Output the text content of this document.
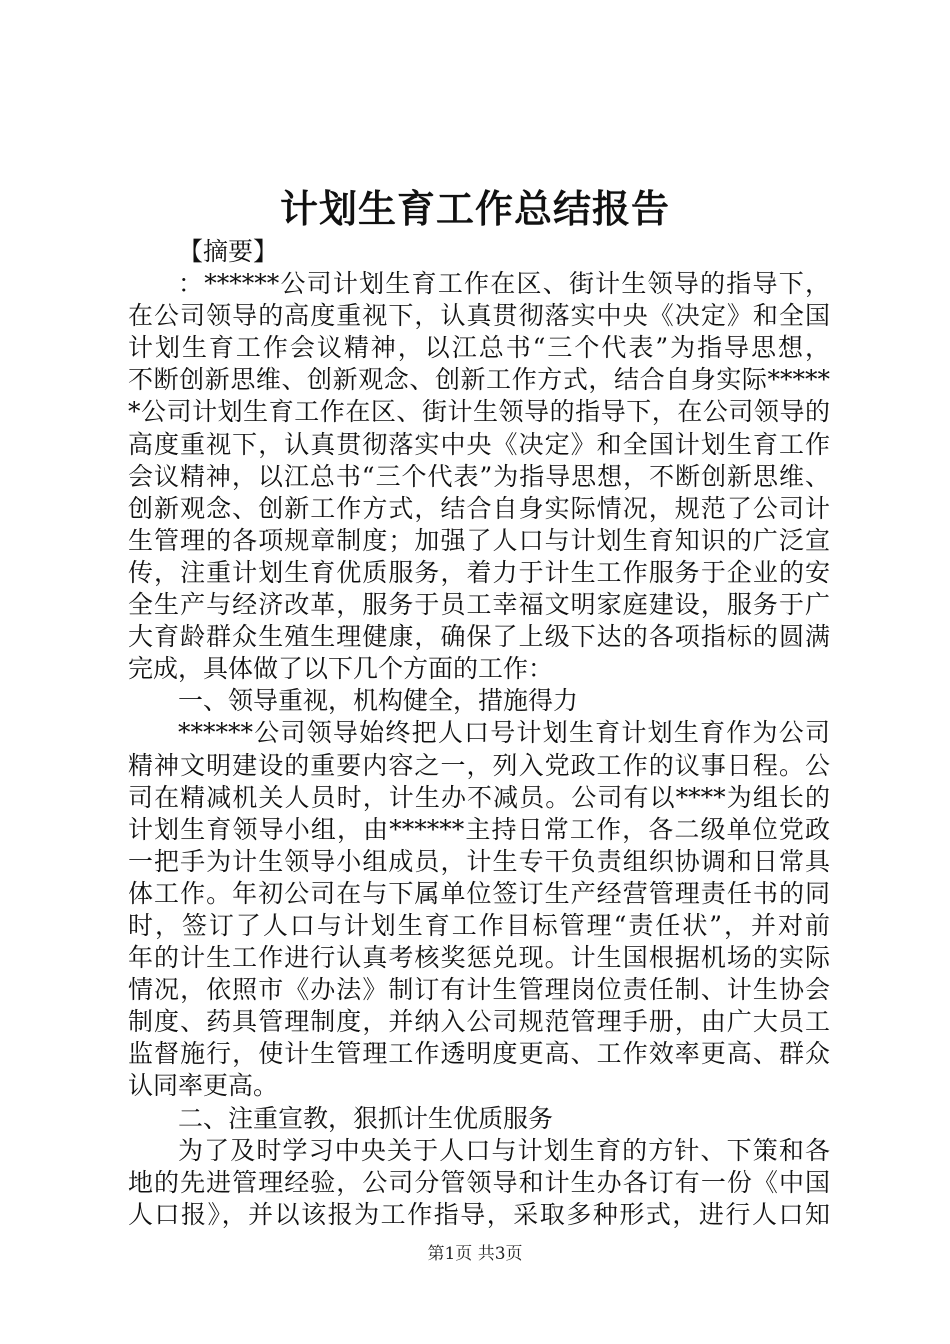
计划生育工作总结报告
【摘要】
：******公司计划生育工作在区、街计生领导的指导下，
在公司领导的高度重视下，认真贯彻落实中央《决定》和全国
计划生育工作会议精神，以江总书“三个代表”为指导思想，
不断创新思维、创新观念、创新工作方式，结合自身实际*****
*公司计划生育工作在区、街计生领导的指导下，在公司领导的
高度重视下，认真贯彻落实中央《决定》和全国计划生育工作
会议精神，以江总书“三个代表”为指导思想，不断创新思维、
创新观念、创新工作方式，结合自身实际情况，规范了公司计
生管理的各项规章制度；加强了人口与计划生育知识的广泛宣
传，注重计划生育优质服务，着力于计生工作服务于企业的安
全生产与经济改革，服务于员工幸福文明家庭建设，服务于广
大育龄群众生殖生理健康，确保了上级下达的各项指标的圆满
完成，具体做了以下几个方面的工作：
一、领导重视，机构健全，措施得力
******公司领导始终把人口号计划生育计划生育作为公司
精神文明建设的重要内容之一，列入党政工作的议事日程。公
司在精减机关人员时，计生办不减员。公司有以****为组长的
计划生育领导小组，由******主持日常工作，各二级单位党政
一把手为计生领导小组成员，计生专干负责组织协调和日常具
体工作。年初公司在与下属单位签订生产经营管理责任书的同
时，签订了人口与计划生育工作目标管理“责任状”，并对前
年的计生工作进行认真考核奖惩兑现。计生国根据机场的实际
情况，依照市《办法》制订有计生管理岗位责任制、计生协会
制度、药具管理制度，并纳入公司规范管理手册，由广大员工
监督施行，使计生管理工作透明度更高、工作效率更高、群众
认同率更高。
二、注重宣教，狠抓计生优质服务
为了及时学习中央关于人口与计划生育的方针、下策和各
地的先进管理经验，公司分管领导和计生办各订有一份《中国
人口报》，并以该报为工作指导，采取多种形式，进行人口知
第1页 共3页
